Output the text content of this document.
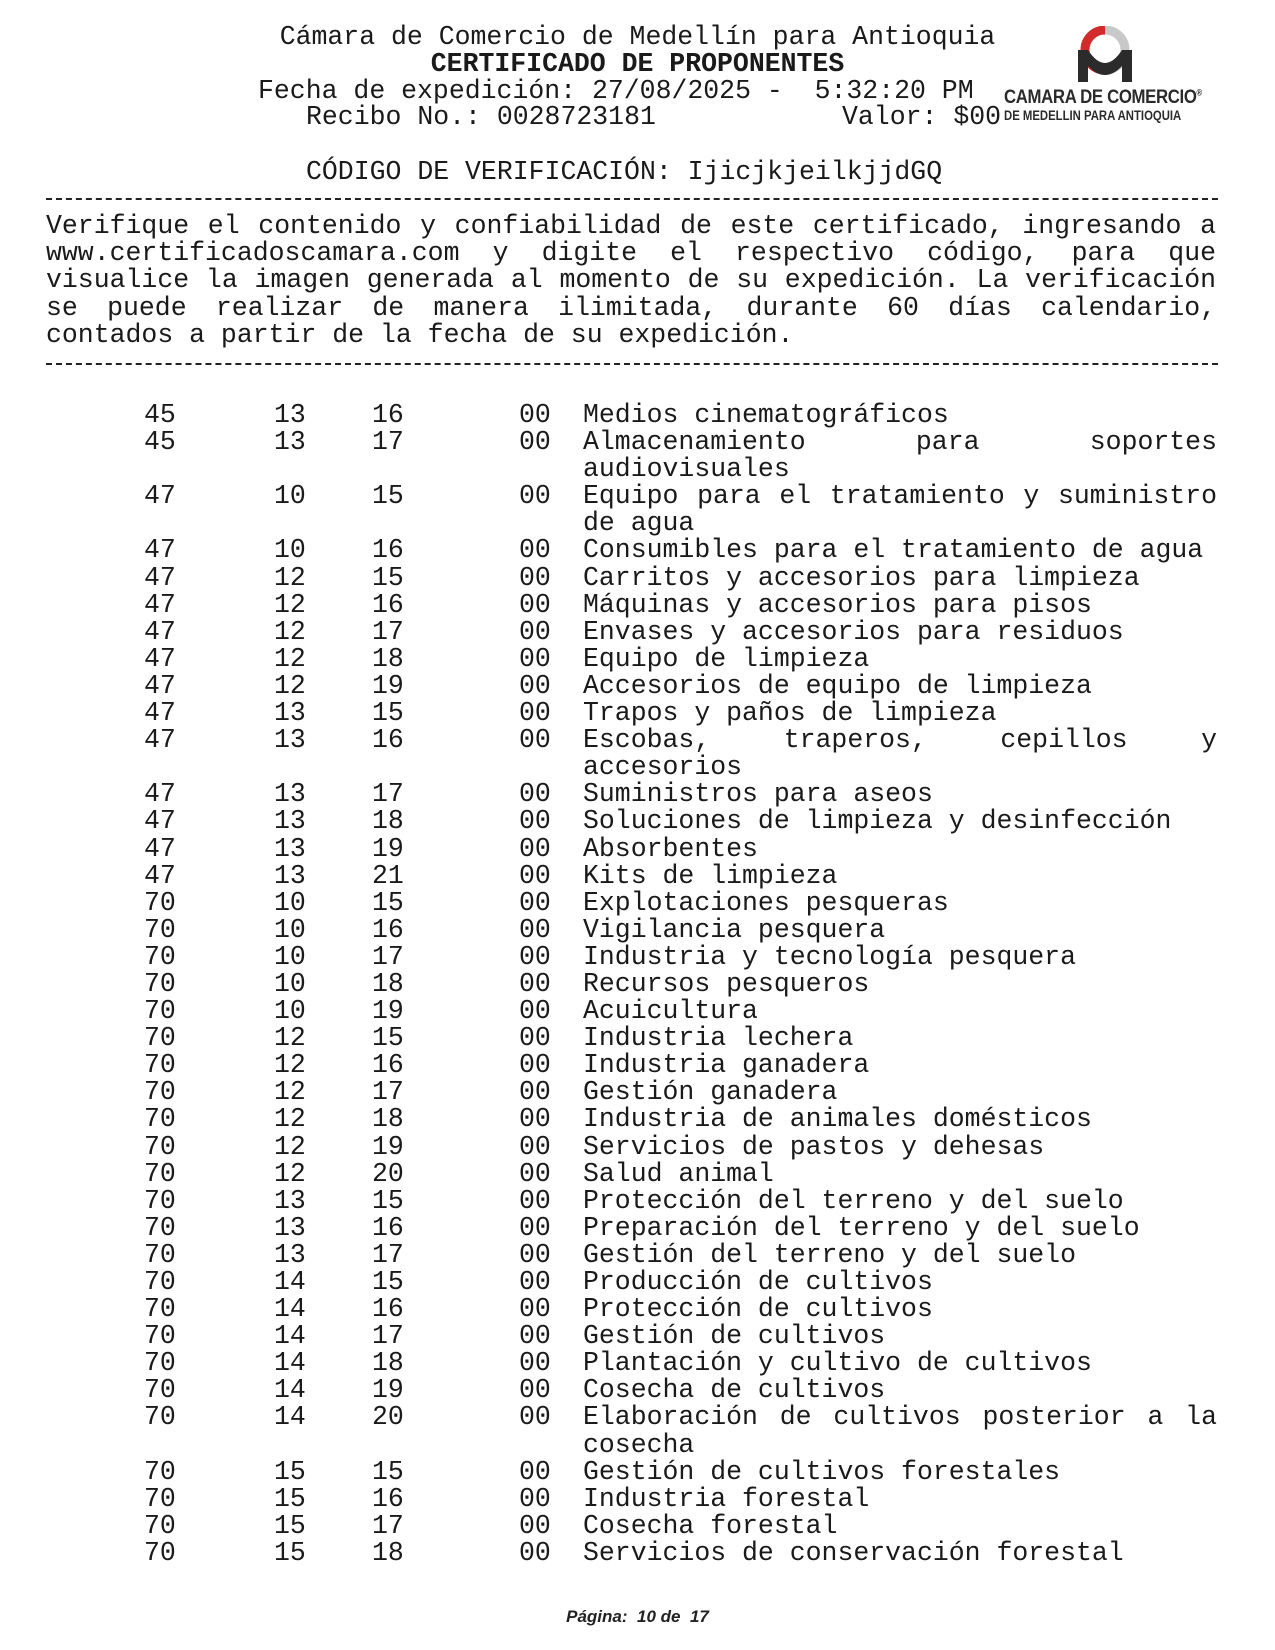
Cámara de Comercio de Medellín para Antioquia
CERTIFICADO DE PROPONENTES
Fecha de expedición: 27/08/2025 -  5:32:20 PM
Recibo No.: 0028723181	Valor: $00
CAMARA DE COMERCIO®
DE MEDELLIN PARA ANTIOQUIA
CÓDIGO DE VERIFICACIÓN: IjicjkjeilkjjdGQ
Verifique el contenido y confiabilidad de este certificado, ingresando a www.certificadoscamara.com y digite el respectivo código, para que visualice la imagen generada al momento de su expedición. La verificación se puede realizar de manera ilimitada, durante 60 días calendario, contados a partir de la fecha de su expedición.
45	13 16	00 Medios cinematográficos
45	13 17	00 Almacenamiento para soportes audiovisuales
47	10 15	00 Equipo para el tratamiento y suministro de agua
47	10 16	00 Consumibles para el tratamiento de agua
47	12 15	00 Carritos y accesorios para limpieza
47	12 16	00 Máquinas y accesorios para pisos
47	12 17	00 Envases y accesorios para residuos
47	12 18	00 Equipo de limpieza
47	12 19	00 Accesorios de equipo de limpieza
47	13 15	00 Trapos y paños de limpieza
47	13 16	00 Escobas, traperos, cepillos y accesorios
47	13 17	00 Suministros para aseos
47	13 18	00 Soluciones de limpieza y desinfección
47	13 19	00 Absorbentes
47	13 21	00 Kits de limpieza
70	10 15	00 Explotaciones pesqueras
70	10 16	00 Vigilancia pesquera
70	10 17	00 Industria y tecnología pesquera
70	10 18	00 Recursos pesqueros
70	10 19	00 Acuicultura
70	12 15	00 Industria lechera
70	12 16	00 Industria ganadera
70	12 17	00 Gestión ganadera
70	12 18	00 Industria de animales domésticos
70	12 19	00 Servicios de pastos y dehesas
70	12 20	00 Salud animal
70	13 15	00 Protección del terreno y del suelo
70	13 16	00 Preparación del terreno y del suelo
70	13 17	00 Gestión del terreno y del suelo
70	14 15	00 Producción de cultivos
70	14 16	00 Protección de cultivos
70	14 17	00 Gestión de cultivos
70	14 18	00 Plantación y cultivo de cultivos
70	14 19	00 Cosecha de cultivos
70	14 20	00 Elaboración de cultivos posterior a la cosecha
70	15 15	00 Gestión de cultivos forestales
70	15 16	00 Industria forestal
70	15 17	00 Cosecha forestal
70	15 18	00 Servicios de conservación forestal
Página: 10 de 17
